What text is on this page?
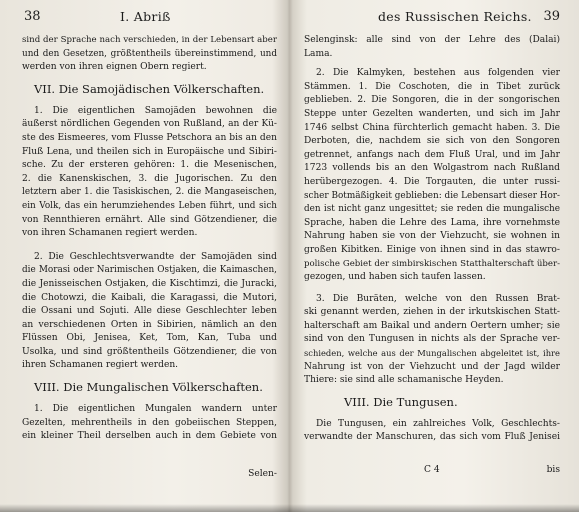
38	I. Abriß
sind der Sprache nach verschieden, in der Lebensart aber
und den Gesetzen, größtentheils übereinstimmend, und
werden von ihren eignen Obern regiert.
VII. Die Samojädischen Völkerschaften.
1. Die eigentlichen Samojäden bewohnen die
äußerst nördlichen Gegenden von Rußland, an der Kü-
ste des Eismeeres, vom Flusse Petschora an bis an den
Fluß Lena, und theilen sich in Europäische und Sibiri-
sche. Zu der ersteren gehören: 1. die Mesenischen,
2. die Kanenskischen, 3. die Jugorischen. Zu den
letztern aber 1. die Tasiskischen, 2. die Mangaseischen,
ein Volk, das ein herumziehendes Leben führt, und sich
von Rennthieren ernährt. Alle sind Götzendiener, die
von ihren Schamanen regiert werden.
2. Die Geschlechtsverwandte der Samojäden sind
die Morasi oder Narimischen Ostjaken, die Kaimaschen,
die Jenisseischen Ostjaken, die Kischtimzi, die Juracki,
die Chotowzi, die Kaibali, die Karagassi, die Mutori,
die Ossani und Sojuti. Alle diese Geschlechter leben
an verschiedenen Orten in Sibirien, nämlich an den
Flüssen Obi, Jenisea, Ket, Tom, Kan, Tuba und
Usolka, und sind größtentheils Götzendiener, die von
ihren Schamanen regiert werden.
VIII. Die Mungalischen Völkerschaften.
1. Die eigentlichen Mungalen wandern unter
Gezelten, mehrentheils in den gobeiischen Steppen,
ein kleiner Theil derselben auch in dem Gebiete von
Selen-
des Russischen Reichs. 39
Selenginsk: alle sind von der Lehre des (Dalai)
Lama.
2. Die Kalmyken, bestehen aus folgenden vier
Stämmen. 1. Die Coschoten, die in Tibet zurück
geblieben. 2. Die Songoren, die in der songorischen
Steppe unter Gezelten wanderten, und sich im Jahr
1746 selbst China fürchterlich gemacht haben. 3. Die
Derboten, die, nachdem sie sich von den Songoren
getrennet, anfangs nach dem Fluß Ural, und im Jahr
1723 vollends bis an den Wolgastrom nach Rußland
herübergezogen. 4. Die Torgauten, die unter russi-
scher Botmäßigkeit geblieben: die Lebensart dieser Hor-
den ist nicht ganz ungesittet; sie reden die mungalische
Sprache, haben die Lehre des Lama, ihre vornehmste
Nahrung haben sie von der Viehzucht, sie wohnen in
großen Kibitken. Einige von ihnen sind in das stawro-
polische Gebiet der simbirskischen Statthalterschaft über-
gezogen, und haben sich taufen lassen.
3. Die Buräten, welche von den Russen Brat-
ski genannt werden, ziehen in der irkutskischen Statt-
halterschaft am Baikal und andern Oertern umher; sie
sind von den Tungusen in nichts als der Sprache ver-
schieden, welche aus der Mungalischen abgeleitet ist, ihre
Nahrung ist von der Viehzucht und der Jagd wilder
Thiere: sie sind alle schamanische Heyden.
VIII. Die Tungusen.
Die Tungusen, ein zahlreiches Volk, Geschlechts-
verwandte der Manschuren, das sich vom Fluß Jenisei
C 4	bis
